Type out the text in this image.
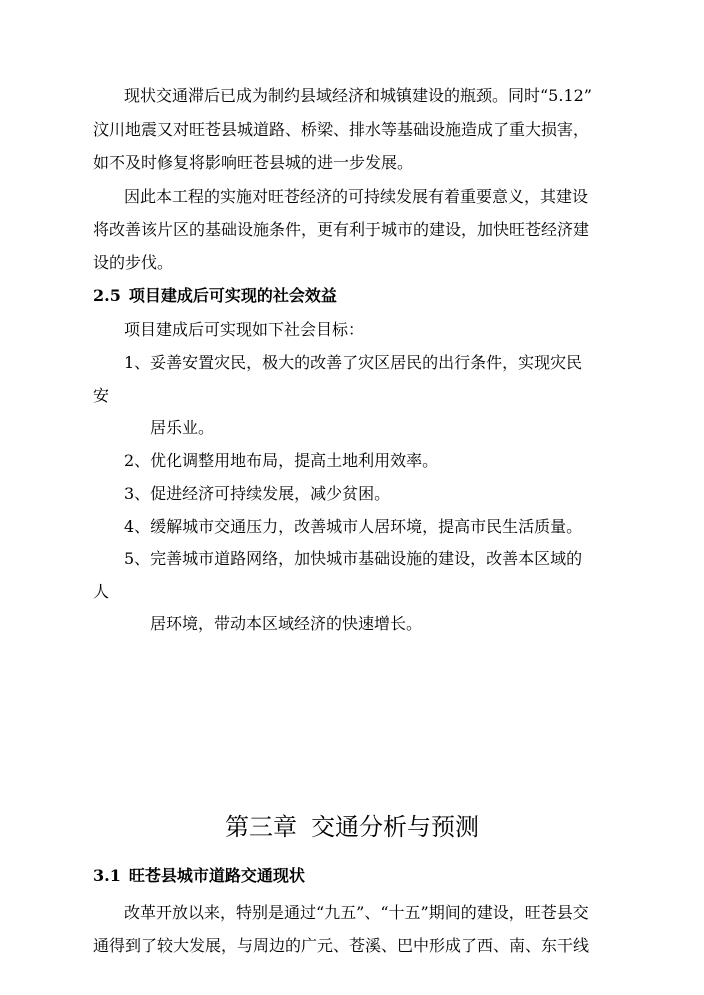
现状交通滞后已成为制约县域经济和城镇建设的瓶颈。同时“5.12”
汶川地震又对旺苍县城道路、桥梁、排水等基础设施造成了重大损害，
如不及时修复将影响旺苍县城的进一步发展。
因此本工程的实施对旺苍经济的可持续发展有着重要意义，其建设
将改善该片区的基础设施条件，更有利于城市的建设，加快旺苍经济建
设的步伐。
2.5 项目建成后可实现的社会效益
项目建成后可实现如下社会目标：
1、妥善安置灾民，极大的改善了灾区居民的出行条件，实现灾民
安
居乐业。
2、优化调整用地布局，提高土地利用效率。
3、促进经济可持续发展，减少贫困。
4、缓解城市交通压力，改善城市人居环境，提高市民生活质量。
5、完善城市道路网络，加快城市基础设施的建设，改善本区域的
人
居环境，带动本区域经济的快速增长。
第三章 交通分析与预测
3.1 旺苍县城市道路交通现状
改革开放以来，特别是通过“九五”、“十五”期间的建设，旺苍县交
通得到了较大发展，与周边的广元、苍溪、巴中形成了西、南、东干线
